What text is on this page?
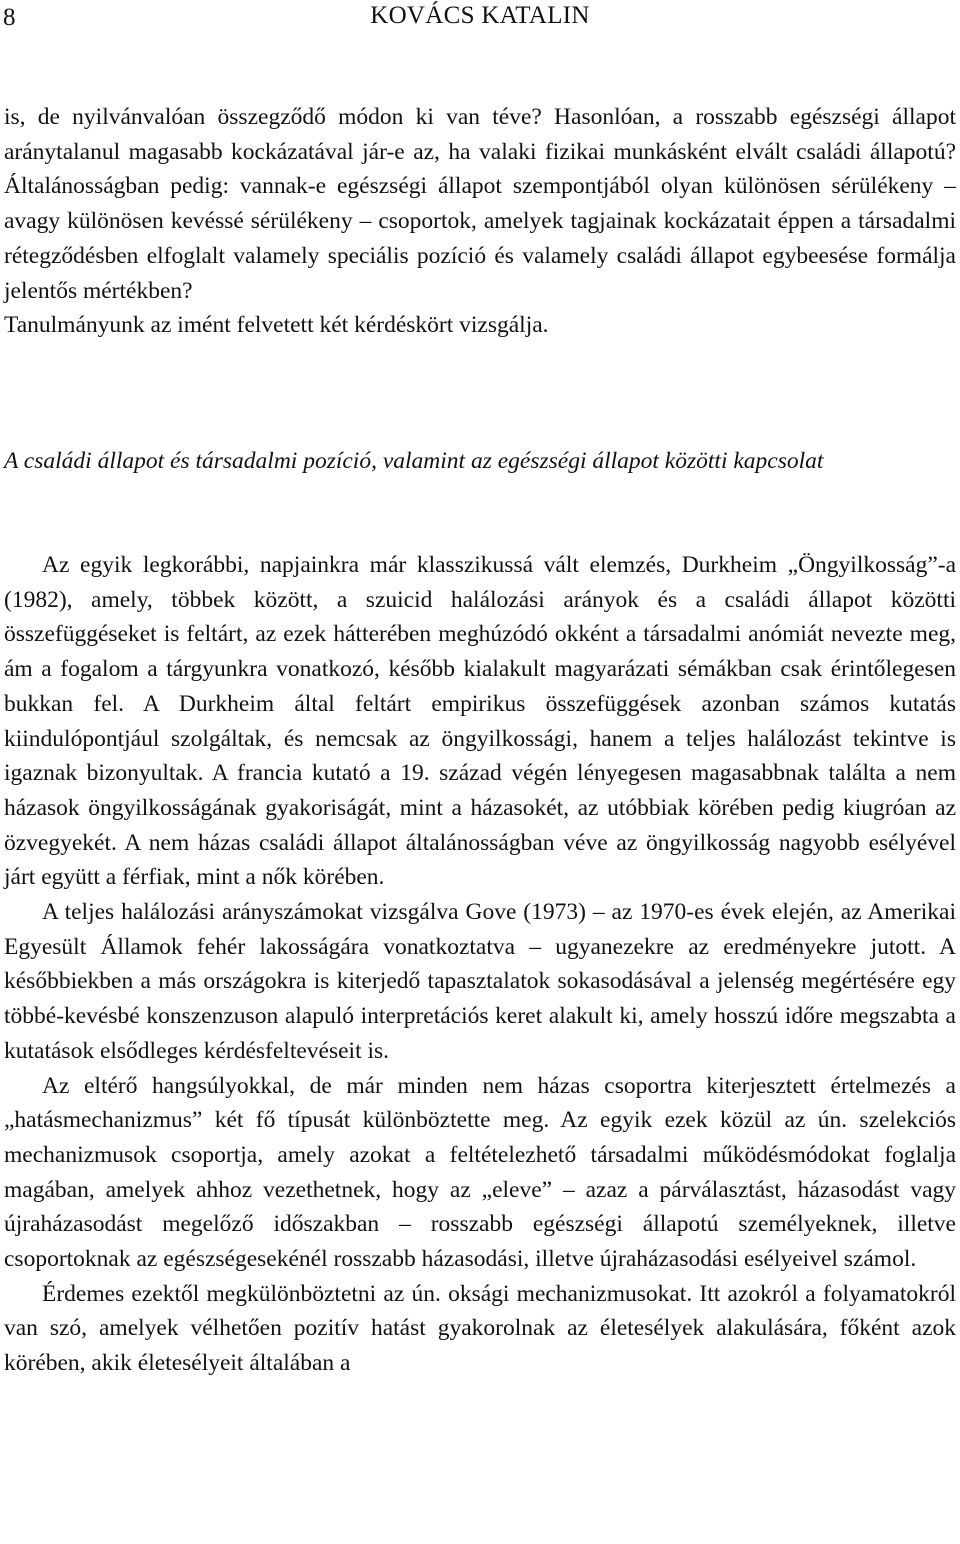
8	KOVÁCS KATALIN

is, de nyilvánvalóan összegződő módon ki van téve? Hasonlóan, a rosszabb egészségi állapot aránytalanul magasabb kockázatával jár-e az, ha valaki fizikai munkásként elvált családi állapotú? Általánosságban pedig: vannak-e egészségi állapot szempontjából olyan különösen sérülékeny – avagy különösen kevéssé sérülékeny – csoportok, amelyek tagjainak kockázatait éppen a társadalmi rétegződésben elfoglalt valamely speciális pozíció és valamely családi állapot egybeesése formálja jelentős mértékben?

Tanulmányunk az imént felvetett két kérdéskört vizsgálja.

A családi állapot és társadalmi pozíció, valamint az egészségi állapot közötti kapcsolat

Az egyik legkorábbi, napjainkra már klasszikussá vált elemzés, Durkheim „Öngyilkosság”-a (1982), amely, többek között, a szuicid halálozási arányok és a családi állapot közötti összefüggéseket is feltárt, az ezek hátterében meghúzódó okként a társadalmi anómiát nevezte meg, ám a fogalom a tárgyunkra vonatkozó, később kialakult magyarázati sémákban csak érintőlegesen bukkan fel. A Durkheim által feltárt empirikus összefüggések azonban számos kutatás kiindulópontjául szolgáltak, és nemcsak az öngyilkossági, hanem a teljes halálozást tekintve is igaznak bizonyultak. A francia kutató a 19. század végén lényegesen magasabbnak találta a nem házasok öngyilkosságának gyakoriságát, mint a házasokét, az utóbbiak körében pedig kiugróan az özvegyekét. A nem házas családi állapot általánosságban véve az öngyilkosság nagyobb esélyével járt együtt a férfiak, mint a nők körében.

A teljes halálozási arányszámokat vizsgálva Gove (1973) – az 1970-es évek elején, az Amerikai Egyesült Államok fehér lakosságára vonatkoztatva – ugyanezekre az eredményekre jutott. A későbbiekben a más országokra is kiterjedő tapasztalatok sokasodásával a jelenség megértésére egy többé-kevésbé konszenzuson alapuló interpretációs keret alakult ki, amely hosszú időre megszabta a kutatások elsődleges kérdésfeltevéseit is.

Az eltérő hangsúlyokkal, de már minden nem házas csoportra kiterjesztett értelmezés a „hatásmechanizmus” két fő típusát különböztette meg. Az egyik ezek közül az ún. szelekciós mechanizmusok csoportja, amely azokat a feltételezhető társadalmi működésmódokat foglalja magában, amelyek ahhoz vezethetnek, hogy az „eleve” – azaz a párválasztást, házasodást vagy újraházasodást megelőző időszakban – rosszabb egészségi állapotú személyeknek, illetve csoportoknak az egészségesekénél rosszabb házasodási, illetve újraházasodási esélyeivel számol.

Érdemes ezektől megkülönböztetni az ún. oksági mechanizmusokat. Itt azokról a folyamatokról van szó, amelyek vélhetően pozitív hatást gyakorolnak az életesélyek alakulására, főként azok körében, akik életesélyeit általában a
